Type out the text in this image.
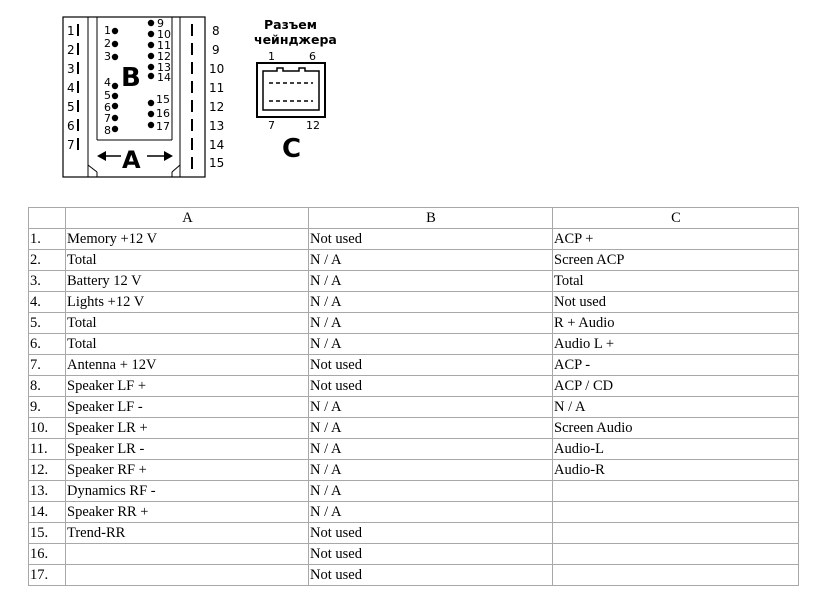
1
2
3
4
5
6
7
8
9
10
11
12
13
14
15
1
2
3
4
5
6
7
8
9
10
11
12
13
14
15
16
17
B
A
Разъем
чейнджера
1	6
7	12
C
	A	B	C
1.	Memory +12 V	Not used	ACP +
2.	Total	N / A	Screen ACP
3.	Battery 12 V	N / A	Total
4.	Lights +12 V	N / A	Not used
5.	Total	N / A	R + Audio
6.	Total	N / A	Audio L +
7.	Antenna + 12V	Not used	ACP -
8.	Speaker LF +	Not used	ACP / CD
9.	Speaker LF -	N / A	N / A
10.	Speaker LR +	N / A	Screen Audio
11.	Speaker LR -	N / A	Audio-L
12.	Speaker RF +	N / A	Audio-R
13.	Dynamics RF -	N / A	
14.	Speaker RR +	N / A	
15.	Trend-RR	Not used	
16.		Not used	
17.		Not used	
